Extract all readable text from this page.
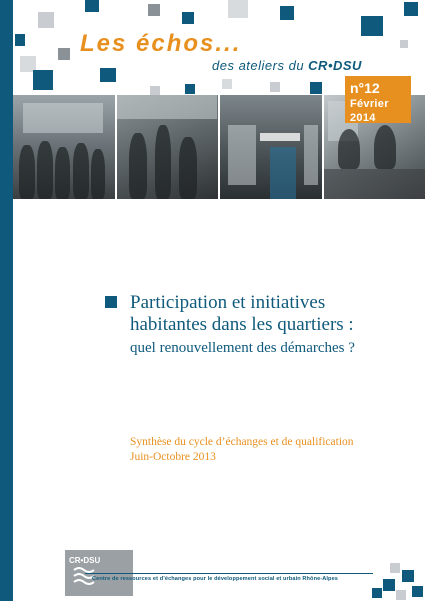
Les échos... des ateliers du CR•DSU n°12 - Février 2014
Les échos...
des ateliers du CR•DSU
n°12
Février 2014
Participation et initiatives
habitantes dans les quartiers :
quel renouvellement des démarches ?
Synthèse du cycle d’échanges et de qualification
Juin-Octobre 2013
CR•DSU
Centre de ressources et d’échanges pour le développement social et urbain Rhône-Alpes
